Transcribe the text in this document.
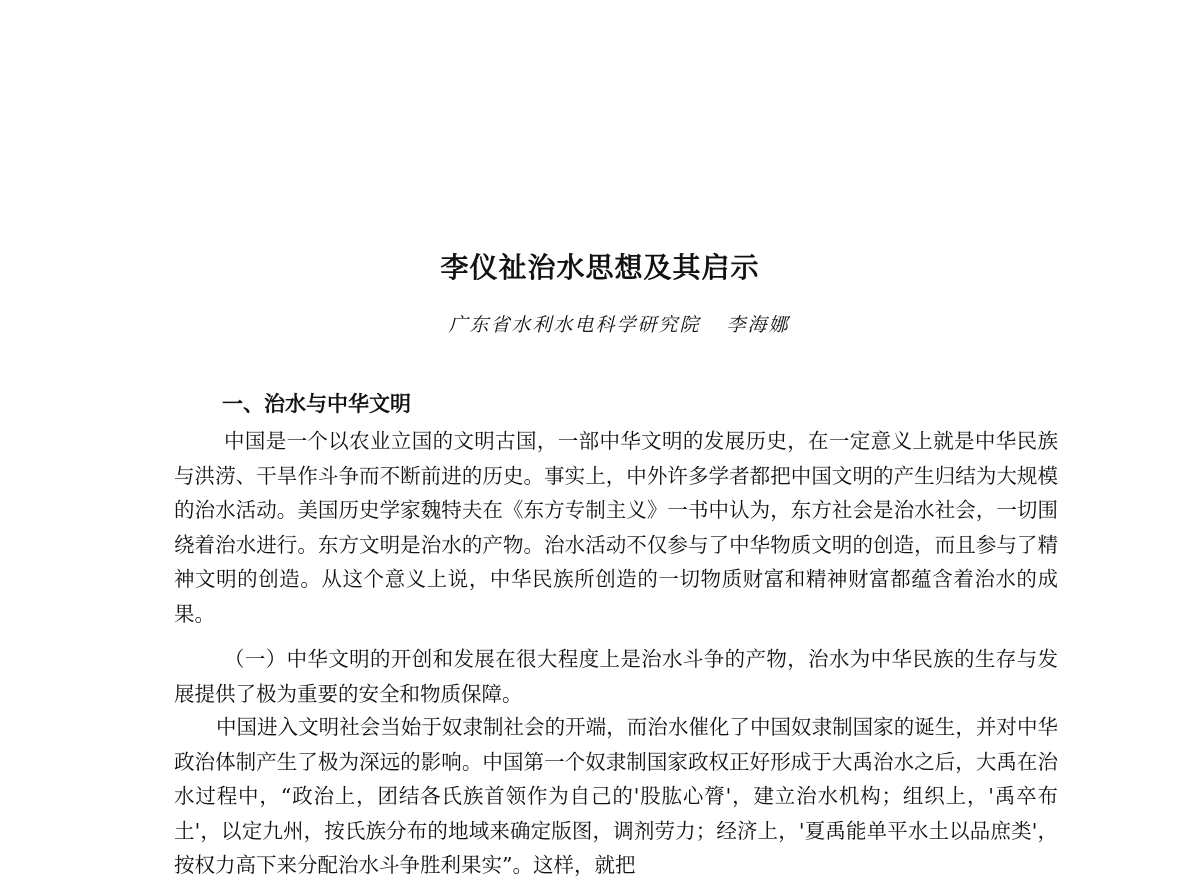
李仪祉治水思想及其启示
广东省水利水电科学研究院 李海娜
一、治水与中华文明

中国是一个以农业立国的文明古国，一部中华文明的发展历史，在一定意义上就是中华民族与洪涝、干旱作斗争而不断前进的历史。事实上，中外许多学者都把中国文明的产生归结为大规模的治水活动。美国历史学家魏特夫在《东方专制主义》一书中认为，东方社会是治水社会，一切围绕着治水进行。东方文明是治水的产物。治水活动不仅参与了中华物质文明的创造，而且参与了精神文明的创造。从这个意义上说，中华民族所创造的一切物质财富和精神财富都蕴含着治水的成果。

（一）中华文明的开创和发展在很大程度上是治水斗争的产物，治水为中华民族的生存与发展提供了极为重要的安全和物质保障。

中国进入文明社会当始于奴隶制社会的开端，而治水催化了中国奴隶制国家的诞生，并对中华政治体制产生了极为深远的影响。中国第一个奴隶制国家政权正好形成于大禹治水之后，大禹在治水过程中，“政治上，团结各氏族首领作为自己的'股肱心膂'，建立治水机构；组织上，'禹卒布土'，以定九州，按氏族分布的地域来确定版图，调剂劳力；经济上，'夏禹能单平水土以品庶类'，按权力高下来分配治水斗争胜利果实”。这样，就把
